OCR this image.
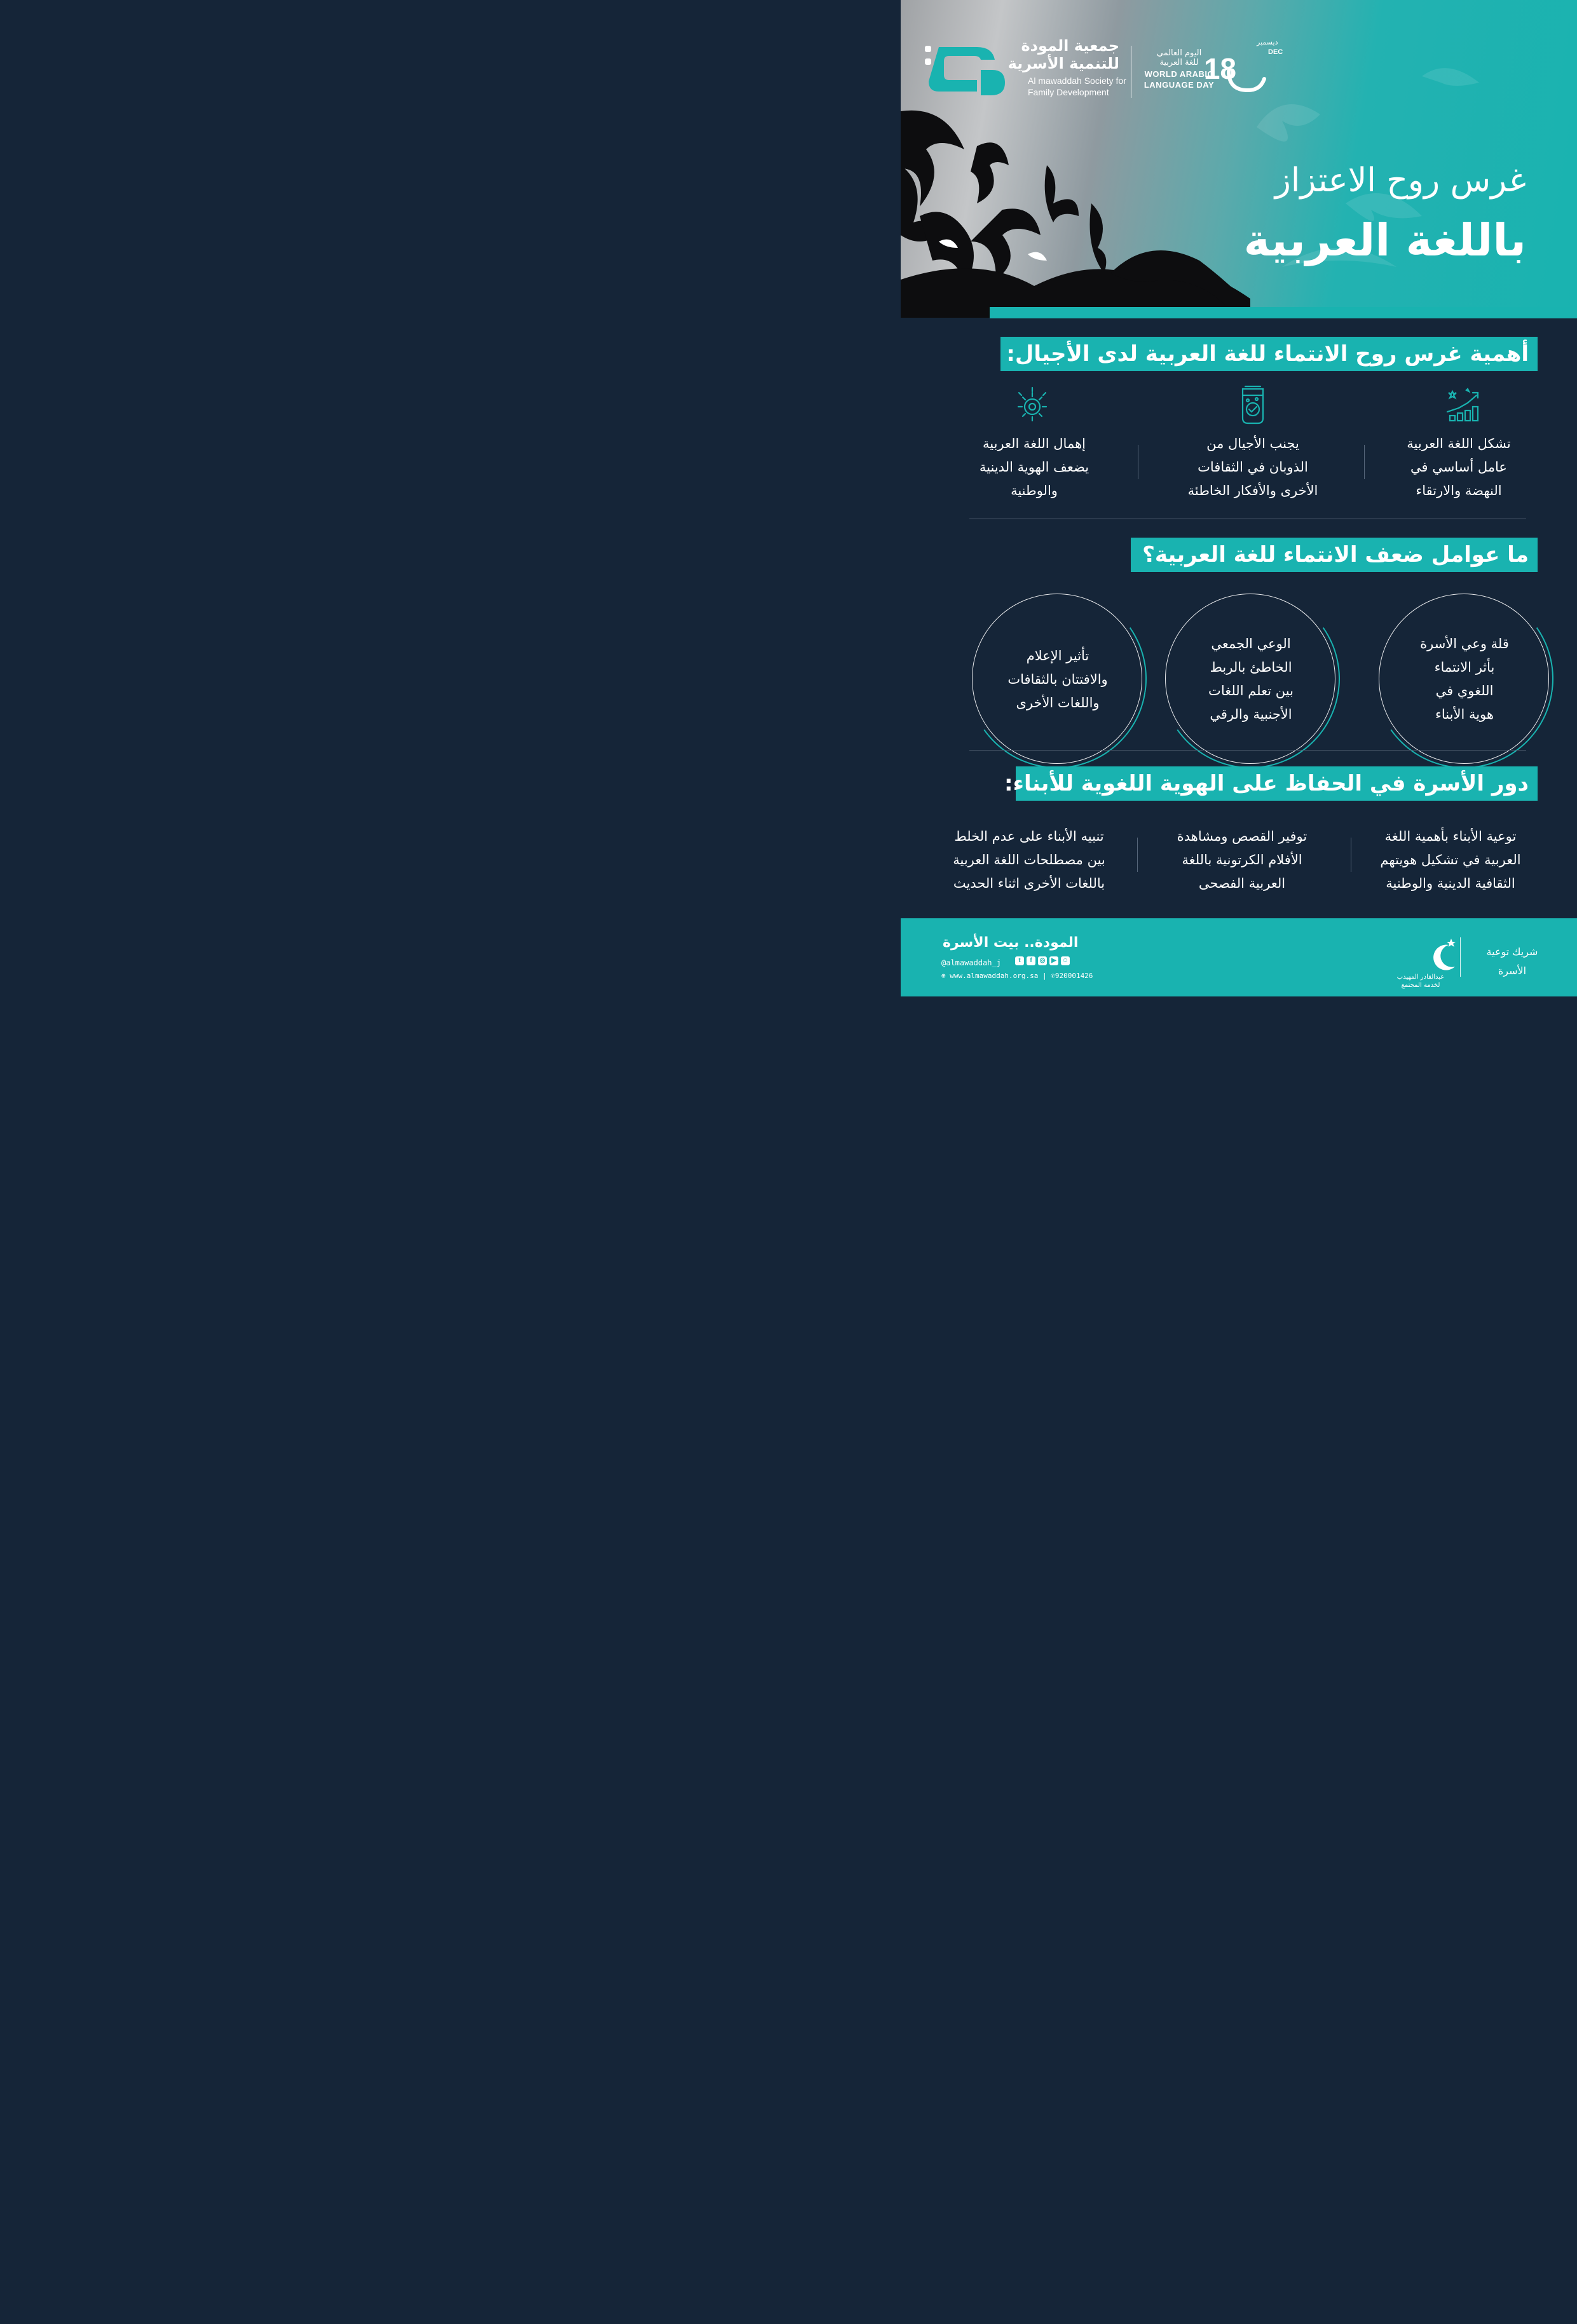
جمعية المودة
للتنمية الأسرية
Al mawaddah Society for
Family Development
اليوم العالمي
للغة العربية
WORLD ARABIC
LANGUAGE DAY
18
ديسمبر
DEC
غرس روح الاعتزاز
باللغة العربية
أهمية غرس روح الانتماء للغة العربية لدى الأجيال:
تشكل اللغة العربية
عامل أساسي في
النهضة والارتقاء
يجنب الأجيال من
الذوبان في الثقافات
الأخرى والأفكار الخاطئة
إهمال اللغة العربية
يضعف الهوية الدينية
والوطنية
ما عوامل ضعف الانتماء للغة العربية؟
قلة وعي الأسرة
بأثر الانتماء
اللغوي في
هوية الأبناء
الوعي الجمعي
الخاطئ بالربط
بين تعلم اللغات
الأجنبية والرقي
تأثير الإعلام
والافتتان بالثقافات
واللغات الأخرى
دور الأسرة في الحفاظ على الهوية اللغوية للأبناء:
توعية الأبناء بأهمية اللغة
العربية في تشكيل هويتهم
الثقافية الدينية والوطنية
توفير القصص ومشاهدة
الأفلام الكرتونية باللغة
العربية الفصحى
تنبيه الأبناء على عدم الخلط
بين مصطلحات اللغة العربية
باللغات الأخرى اثناء الحديث
المودة.. بيت الأسرة
@almawaddah_j	t	f	◎ ▶ ☺
⊕ www.almawaddah.org.sa | ✆920001426
شريك توعية
الأسرة
عبدالقادر المهيدب
لخدمة المجتمع
